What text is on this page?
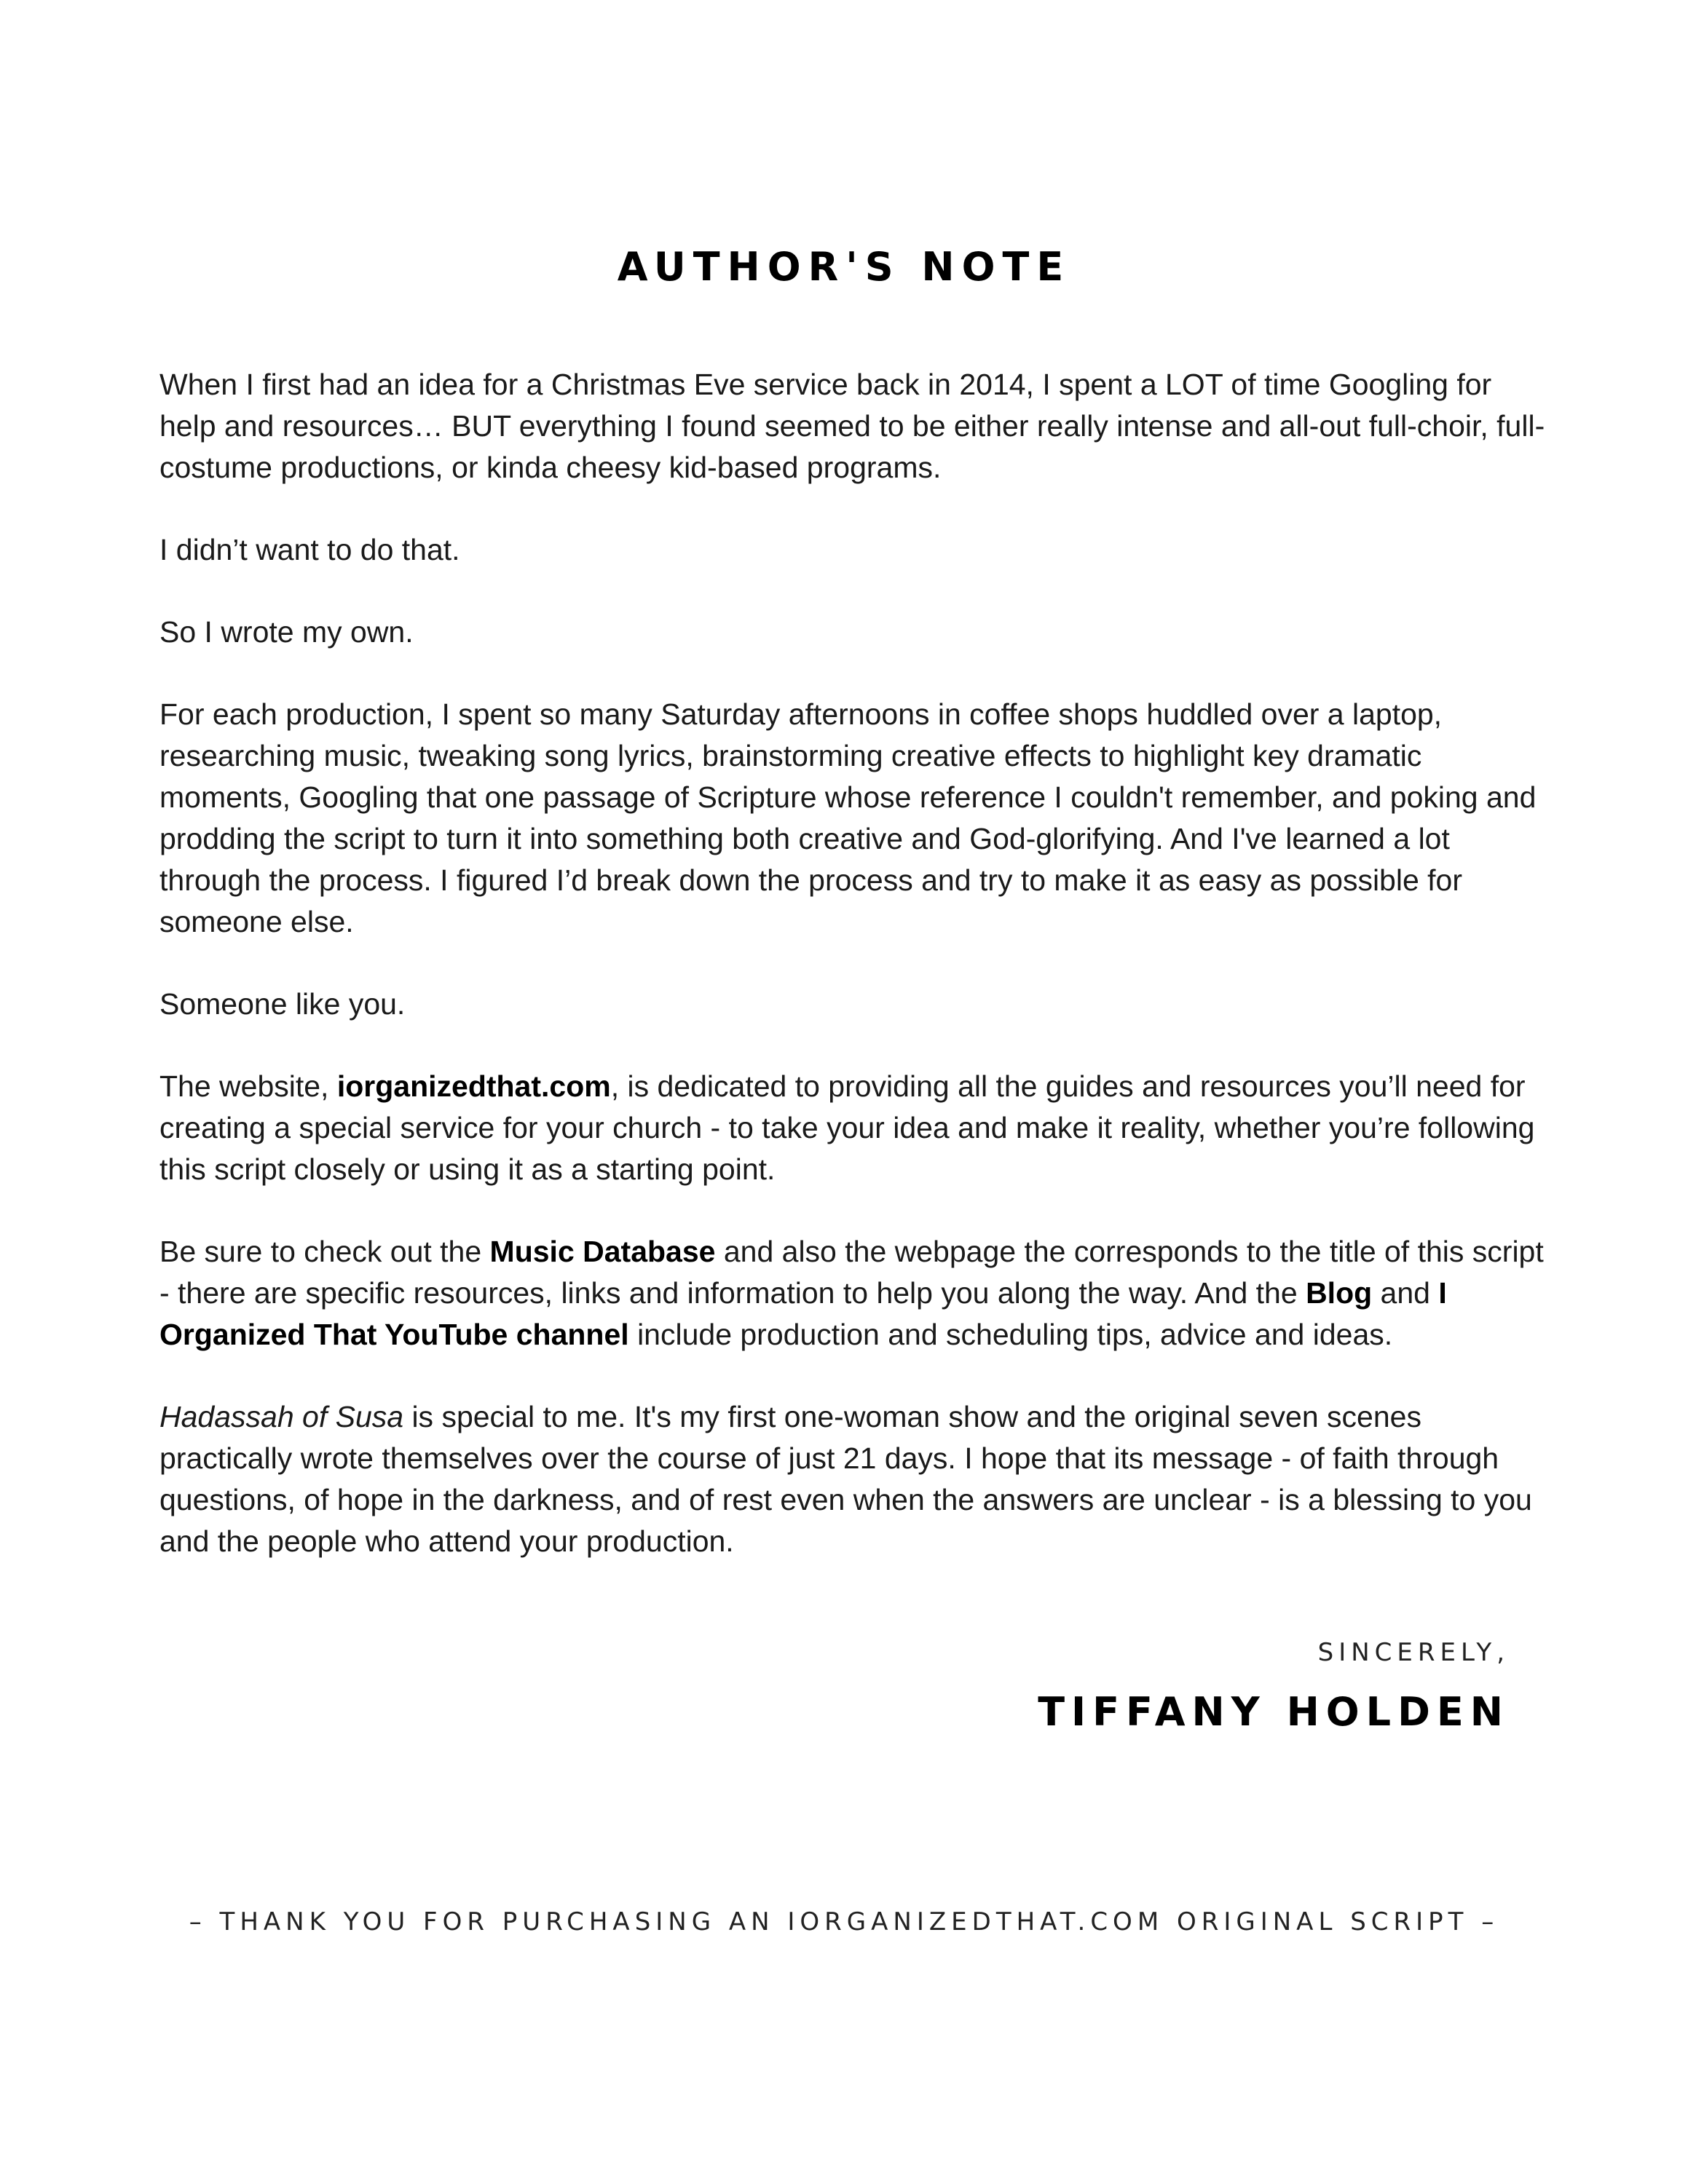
AUTHOR'S NOTE

When I first had an idea for a Christmas Eve service back in 2014, I spent a LOT of time Googling for help and resources… BUT everything I found seemed to be either really intense and all-out full-choir, full-costume productions, or kinda cheesy kid-based programs.

I didn’t want to do that.

So I wrote my own.

For each production, I spent so many Saturday afternoons in coffee shops huddled over a laptop, researching music, tweaking song lyrics, brainstorming creative effects to highlight key dramatic moments, Googling that one passage of Scripture whose reference I couldn't remember, and poking and prodding the script to turn it into something both creative and God-glorifying. And I've learned a lot through the process. I figured I’d break down the process and try to make it as easy as possible for someone else.

Someone like you.

The website, iorganizedthat.com, is dedicated to providing all the guides and resources you’ll need for creating a special service for your church - to take your idea and make it reality, whether you’re following this script closely or using it as a starting point.

Be sure to check out the Music Database and also the webpage the corresponds to the title of this script - there are specific resources, links and information to help you along the way. And the Blog and I Organized That YouTube channel include production and scheduling tips, advice and ideas.

Hadassah of Susa is special to me. It's my first one-woman show and the original seven scenes practically wrote themselves over the course of just 21 days. I hope that its message - of faith through questions, of hope in the darkness, and of rest even when the answers are unclear - is a blessing to you and the people who attend your production.

SINCERELY,
TIFFANY HOLDEN
– THANK YOU FOR PURCHASING AN IORGANIZEDTHAT.COM ORIGINAL SCRIPT –
